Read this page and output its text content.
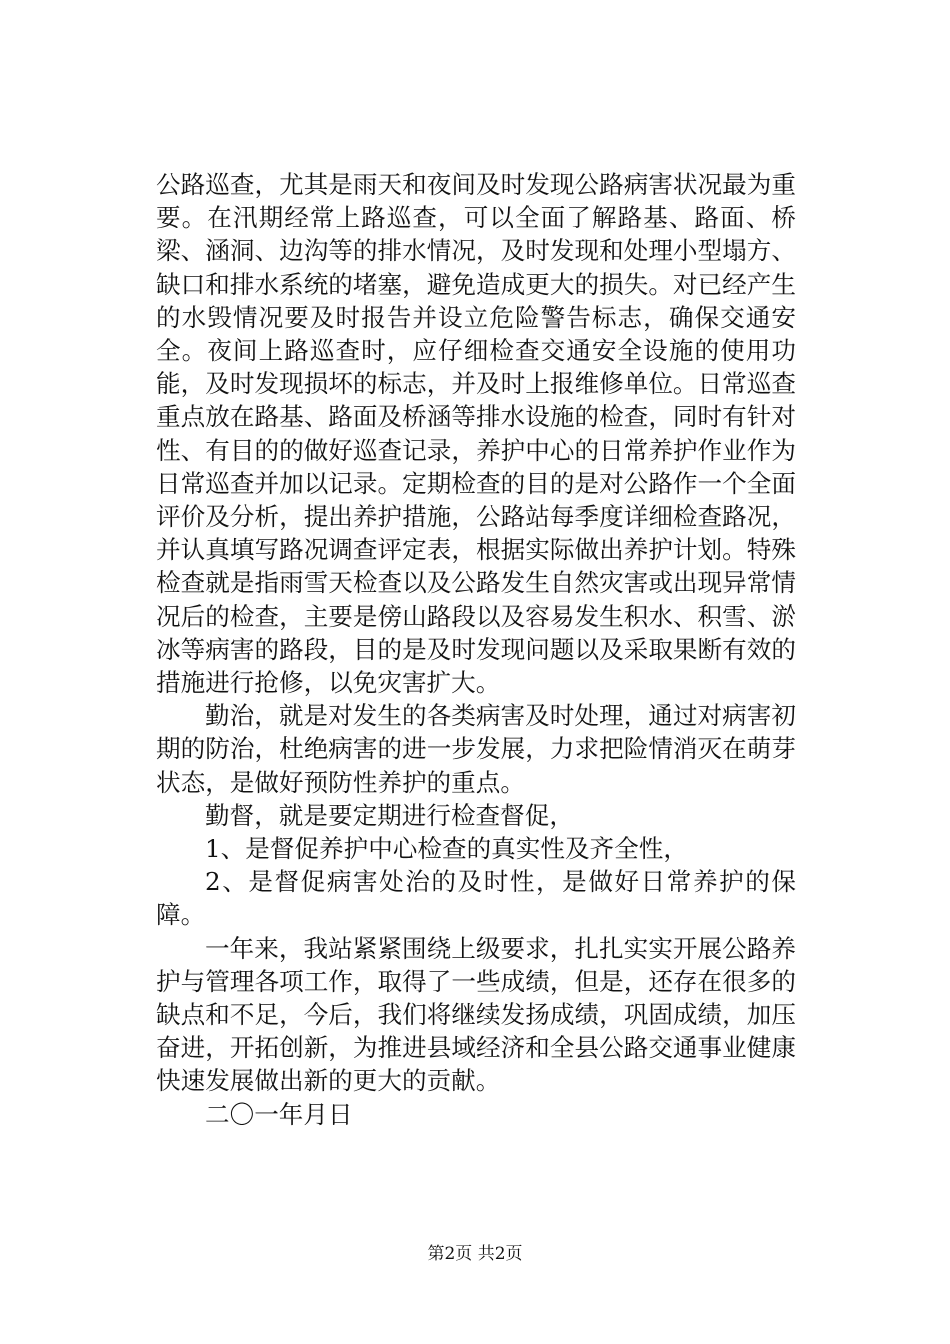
公路巡查，尤其是雨天和夜间及时发现公路病害状况最为重要。在汛期经常上路巡查，可以全面了解路基、路面、桥梁、涵洞、边沟等的排水情况，及时发现和处理小型塌方、缺口和排水系统的堵塞，避免造成更大的损失。对已经产生的水毁情况要及时报告并设立危险警告标志，确保交通安全。夜间上路巡查时，应仔细检查交通安全设施的使用功能，及时发现损坏的标志，并及时上报维修单位。日常巡查重点放在路基、路面及桥涵等排水设施的检查，同时有针对性、有目的的做好巡查记录，养护中心的日常养护作业作为日常巡查并加以记录。定期检查的目的是对公路作一个全面评价及分析，提出养护措施，公路站每季度详细检查路况，并认真填写路况调查评定表，根据实际做出养护计划。特殊检查就是指雨雪天检查以及公路发生自然灾害或出现异常情况后的检查，主要是傍山路段以及容易发生积水、积雪、淤冰等病害的路段，目的是及时发现问题以及采取果断有效的措施进行抢修，以免灾害扩大。

勤治，就是对发生的各类病害及时处理，通过对病害初期的防治，杜绝病害的进一步发展，力求把险情消灭在萌芽状态，是做好预防性养护的重点。

勤督，就是要定期进行检查督促，

1、是督促养护中心检查的真实性及齐全性，

2、是督促病害处治的及时性，是做好日常养护的保障。

一年来，我站紧紧围绕上级要求，扎扎实实开展公路养护与管理各项工作，取得了一些成绩，但是，还存在很多的缺点和不足，今后，我们将继续发扬成绩，巩固成绩，加压奋进，开拓创新，为推进县域经济和全县公路交通事业健康快速发展做出新的更大的贡献。

二〇一年月日

第2页 共2页
